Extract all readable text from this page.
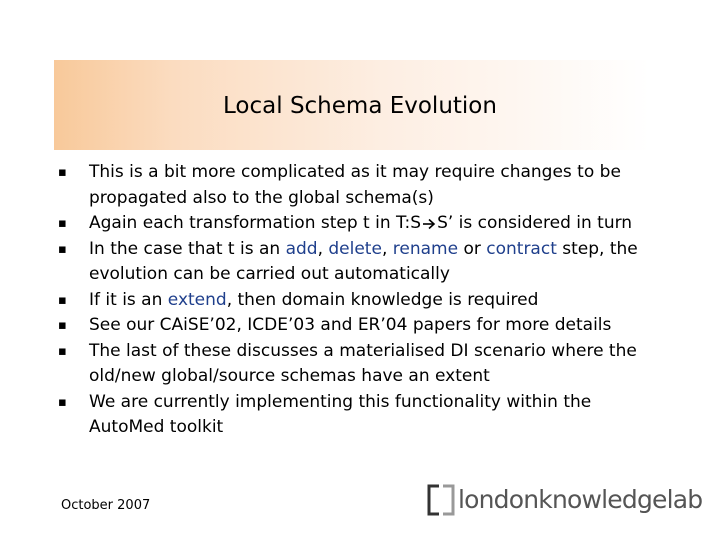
Local Schema Evolution
▪ This is a bit more complicated as it may require changes to be propagated also to the global schema(s)
▪ Again each transformation step t in T:S S’ is considered in turn
▪ In the case that t is an add, delete, rename or contract step, the evolution can be carried out automatically
▪ If it is an extend, then domain knowledge is required
▪ See our CAiSE’02, ICDE’03 and ER’04 papers for more details
▪ The last of these discusses a materialised DI scenario where the old/new global/source schemas have an extent
▪ We are currently implementing this functionality within the AutoMed toolkit
October 2007	londonknowledgelab
